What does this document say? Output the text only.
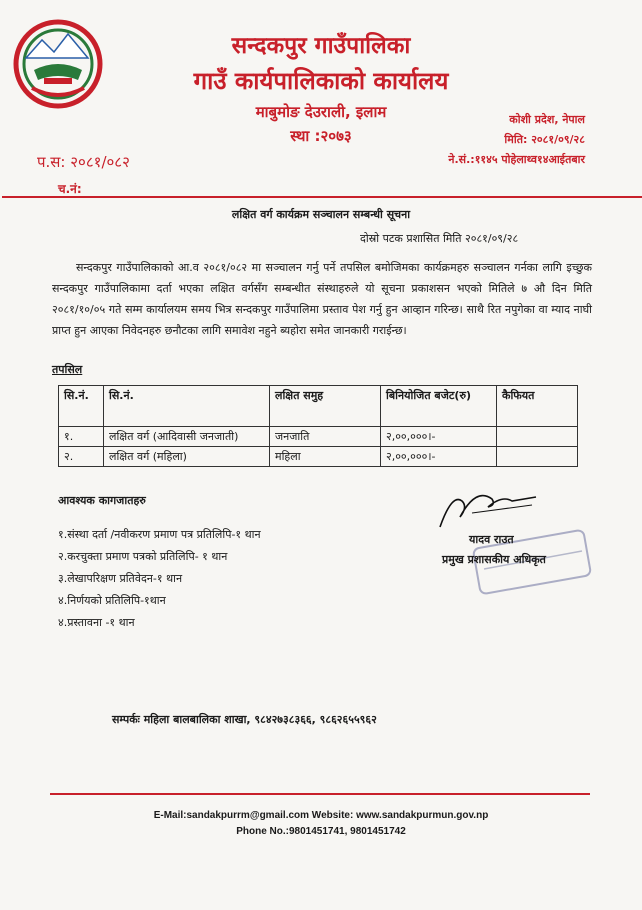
सन्दकपुर गाउँपालिका
गाउँ कार्यपालिकाको कार्यालय
माबुमोङ देउराली, इलाम
स्था :२०७३
कोशी प्रदेश, नेपाल
मिति: २०८१/०९/२८
ने.सं.:११४५ पोहेलाथ्व१४आईतबार
प.स: २०८१/०८२
च.नं:
लक्षित वर्ग कार्यक्रम सञ्चालन सम्बन्धी सूचना
दोस्रो पटक प्रशासित मिति २०८१/०९/२८
सन्दकपुर गाउँपालिकाको आ.व २०८१/०८२ मा सञ्चालन गर्नु पर्ने तपसिल बमोजिमका कार्यक्रमहरु सञ्चालन गर्नका लागि इच्छुक सन्दकपुर गाउँपालिकामा दर्ता भएका लक्षित वर्गसँग सम्बन्धीत संस्थाहरुले यो सूचना प्रकाशसन भएको मितिले ७ औ दिन मिति २०८१/१०/०५ गते सम्म कार्यालयम समय भित्र सन्दकपुर गाउँपालिमा प्रस्ताव पेश गर्नु हुन आव्हान गरिन्छ। साथै रित नपुगेका वा म्याद नाघी प्राप्त हुन आएका निवेदनहरु छनौटका लागि समावेश नहुने ब्यहोरा समेत जानकारी गराईन्छ।
तपसिल
सि.नं.	सि.नं.	लक्षित समुह	बिनियोजित बजेट(रु)	कैफियत
१.	लक्षित वर्ग (आदिवासी जनजाती)	जनजाति	२,००,०००।-	
२.	लक्षित वर्ग (महिला)	महिला	२,००,०००।-	
आवश्यक कागजातहरु
१.संस्था दर्ता /नवीकरण प्रमाण पत्र प्रतिलिपि-१ थान
२.करचुक्ता प्रमाण पत्रको प्रतिलिपि- १ थान
३.लेखापरिक्षण प्रतिवेदन-१ थान
४.निर्णयको प्रतिलिपि-१थान
४.प्रस्तावना -१ थान
यादव राउत
प्रमुख प्रशासकीय अधिकृत
सम्पर्कः महिला बालबालिका शाखा, ९८४२७३८३६६, ९८६२६५५९६२
E-Mail:sandakpurrm@gmail.com Website: www.sandakpurmun.gov.np
Phone No.:9801451741, 9801451742
